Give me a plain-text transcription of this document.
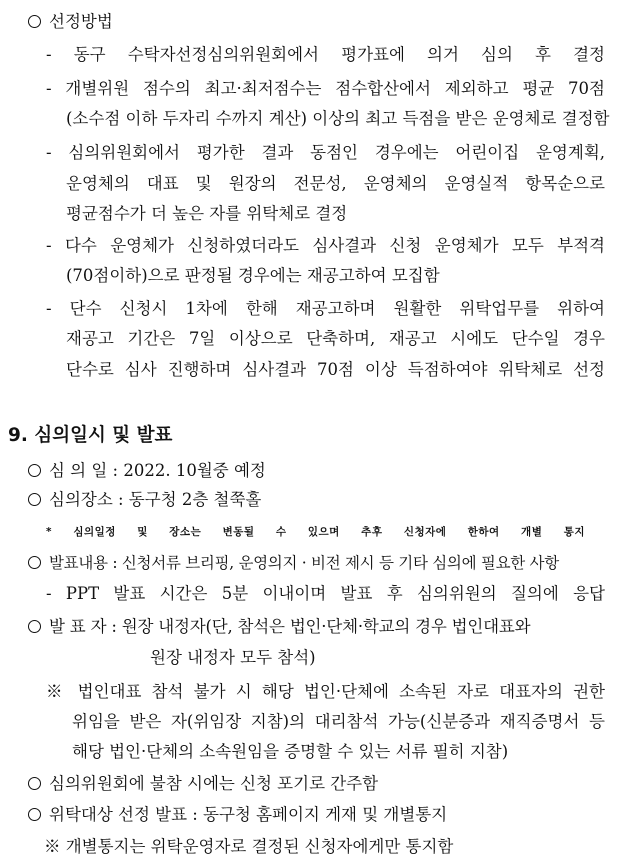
선정방법
- 동구 수탁자선정심의위원회에서 평가표에 의거 심의 후 결정
- 개별위원 점수의 최고·최저점수는 점수합산에서 제외하고 평균 70점
(소수점 이하 두자리 수까지 계산) 이상의 최고 득점을 받은 운영체로 결정함
- 심의위원회에서 평가한 결과 동점인 경우에는 어린이집 운영계획,
운영체의 대표 및 원장의 전문성, 운영체의 운영실적 항목순으로
평균점수가 더 높은 자를 위탁체로 결정
- 다수 운영체가 신청하였더라도 심사결과 신청 운영체가 모두 부적격
(70점이하)으로 판정될 경우에는 재공고하여 모집함
- 단수 신청시 1차에 한해 재공고하며 원활한 위탁업무를 위하여
재공고 기간은 7일 이상으로 단축하며, 재공고 시에도 단수일 경우
단수로 심사 진행하며 심사결과 70점 이상 득점하여야 위탁체로 선정
9. 심의일시 및 발표
심 의 일 : 2022. 10월중 예정
심의장소 : 동구청 2층 철쭉홀
* 심의일정 및 장소는 변동될 수 있으며 추후 신청자에 한하여 개별 통지
발표내용 : 신청서류 브리핑, 운영의지 · 비전 제시 등 기타 심의에 필요한 사항
- PPT 발표 시간은 5분 이내이며 발표 후 심의위원의 질의에 응답
발 표 자 : 원장 내정자(단, 참석은 법인·단체·학교의 경우 법인대표와
원장 내정자 모두 참석)
※ 법인대표 참석 불가 시 해당 법인·단체에 소속된 자로 대표자의 권한
위임을 받은 자(위임장 지참)의 대리참석 가능(신분증과 재직증명서 등
해당 법인·단체의 소속원임을 증명할 수 있는 서류 필히 지참)
심의위원회에 불참 시에는 신청 포기로 간주함
위탁대상 선정 발표 : 동구청 홈페이지 게재 및 개별통지
※ 개별통지는 위탁운영자로 결정된 신청자에게만 통지함
